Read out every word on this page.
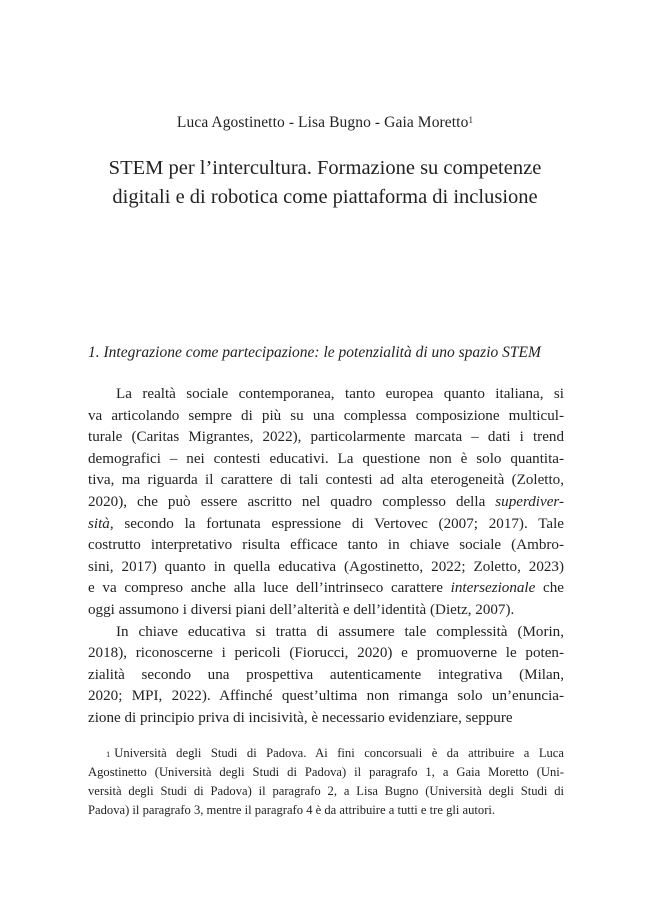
Luca Agostinetto - Lisa Bugno - Gaia Moretto$^1$
STEM per l’intercultura. Formazione su competenze
digitali e di robotica come piattaforma di inclusione
1. Integrazione come partecipazione: le potenzialità di uno spazio STEM
La realtà sociale contemporanea, tanto europea quanto italiana, si
va articolando sempre di più su una complessa composizione multicul-
turale (Caritas Migrantes, 2022), particolarmente marcata – dati i trend
demografici – nei contesti educativi. La questione non è solo quantita-
tiva, ma riguarda il carattere di tali contesti ad alta eterogeneità (Zoletto,
2020), che può essere ascritto nel quadro complesso della superdiver-
sità, secondo la fortunata espressione di Vertovec (2007; 2017). Tale
costrutto interpretativo risulta efficace tanto in chiave sociale (Ambro-
sini, 2017) quanto in quella educativa (Agostinetto, 2022; Zoletto, 2023)
e va compreso anche alla luce dell’intrinseco carattere intersezionale che
oggi assumono i diversi piani dell’alterità e dell’identità (Dietz, 2007).
In chiave educativa si tratta di assumere tale complessità (Morin,
2018), riconoscerne i pericoli (Fiorucci, 2020) e promuoverne le poten-
zialità secondo una prospettiva autenticamente integrativa (Milan,
2020; MPI, 2022). Affinché quest’ultima non rimanga solo un’enuncia-
zione di principio priva di incisività, è necessario evidenziare, seppure
$^1$ Università degli Studi di Padova. Ai fini concorsuali è da attribuire a Luca
Agostinetto (Università degli Studi di Padova) il paragrafo 1, a Gaia Moretto (Uni-
versità degli Studi di Padova) il paragrafo 2, a Lisa Bugno (Università degli Studi di
Padova) il paragrafo 3, mentre il paragrafo 4 è da attribuire a tutti e tre gli autori.
